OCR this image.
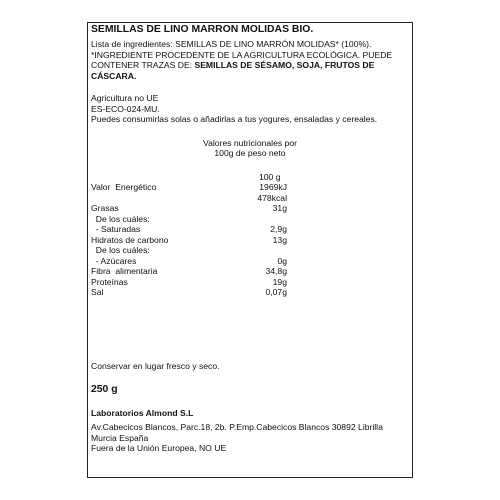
SEMILLAS DE LINO MARRON MOLIDAS BIO.
Lista de ingredientes: SEMILLAS DE LINO MARRÓN MOLIDAS* (100%).
*INGREDIENTE PROCEDENTE DE LA AGRICULTURA ECOLÓGICA. PUEDE
CONTENER TRAZAS DE: SEMILLAS DE SÉSAMO, SOJA, FRUTOS DE
CÁSCARA.
Agricultura no UE
ES-ECO-024-MU.
Puedes consumirlas solas o añadirlas a tus yogures, ensaladas y cereales.
Valores nutricionales por
100g de peso neto
100 g
Valor  Energético	1969kJ
478kcal
Grasas	31g
De los cuáles:
- Saturadas	2,9g
Hidratos de carbono	13g
De los cuáles:
- Azúcares	0g
Fibra  alimentaria	34,8g
Proteínas	19g
Sal	0,07g
Conservar en lugar fresco y seco.
250 g
Laboratorios Almond S.L
Av.Cabecicos Blancos, Parc.18, 2b. P.Emp.Cabecicos Blancos 30892 Librilla
Murcia España
Fuera de la Unión Europea, NO UE
